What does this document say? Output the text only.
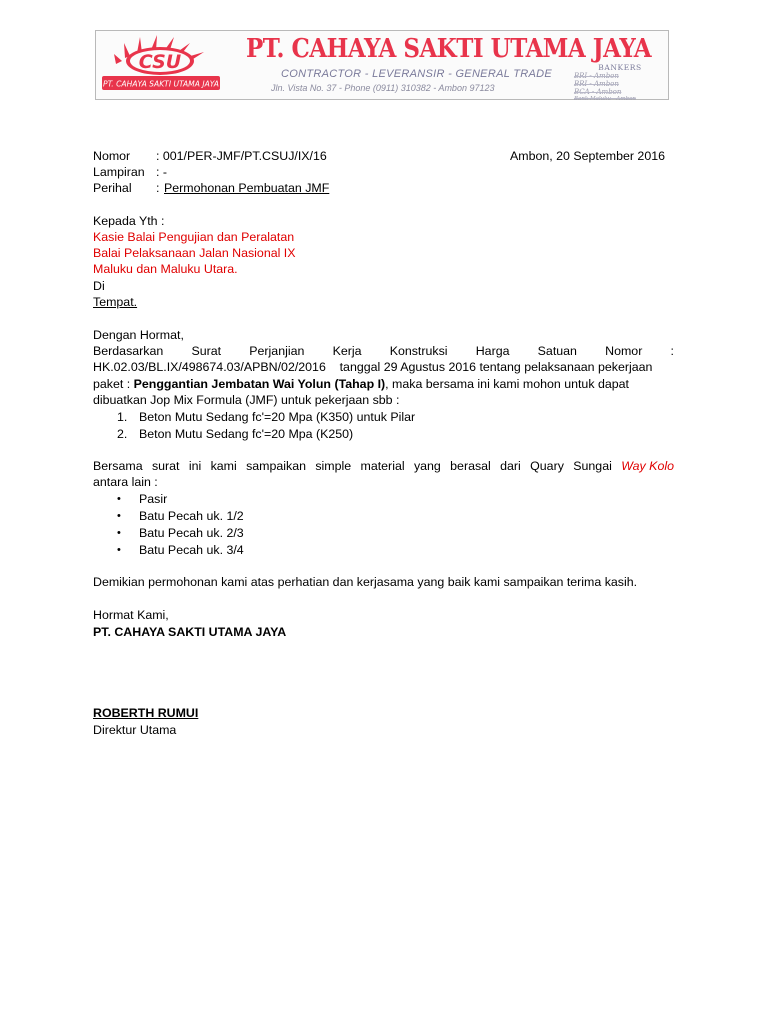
CSU
PT. CAHAYA SAKTI UTAMA JAYA
PT. CAHAYA SAKTI UTAMA JAYA
CONTRACTOR - LEVERANSIR - GENERAL TRADE
Jln. Vista No. 37 - Phone (0911) 310382 - Ambon 97123
BANKERS
BRI - Ambon
BRI - Ambon
BCA - Ambon
Bank Maluku - Ambon
Nomor : 001/PER-JMF/PT.CSUJ/IX/16	Ambon, 20 September 2016
Lampiran : -
Perihal : Permohonan Pembuatan JMF
Kepada Yth :
Kasie Balai Pengujian dan Peralatan
Balai Pelaksanaan Jalan Nasional IX
Maluku dan Maluku Utara.
Di
Tempat.
Dengan Hormat,
Berdasarkan Surat Perjanjian Kerja Konstruksi Harga Satuan Nomor :
HK.02.03/BL.IX/498674.03/APBN/02/2016    tanggal 29 Agustus 2016 tentang pelaksanaan pekerjaan
paket : Penggantian Jembatan Wai Yolun (Tahap I), maka bersama ini kami mohon untuk dapat
dibuatkan Jop Mix Formula (JMF) untuk pekerjaan sbb :
1. Beton Mutu Sedang fc'=20 Mpa (K350) untuk Pilar
2. Beton Mutu Sedang fc'=20 Mpa (K250)
Bersama surat ini kami sampaikan simple material yang berasal dari Quary Sungai Way Kolo
antara lain :
• Pasir
• Batu Pecah uk. 1/2
• Batu Pecah uk. 2/3
• Batu Pecah uk. 3/4
Demikian permohonan kami atas perhatian dan kerjasama yang baik kami sampaikan terima kasih.
Hormat Kami,
PT. CAHAYA SAKTI UTAMA JAYA
ROBERTH RUMUI
Direktur Utama
